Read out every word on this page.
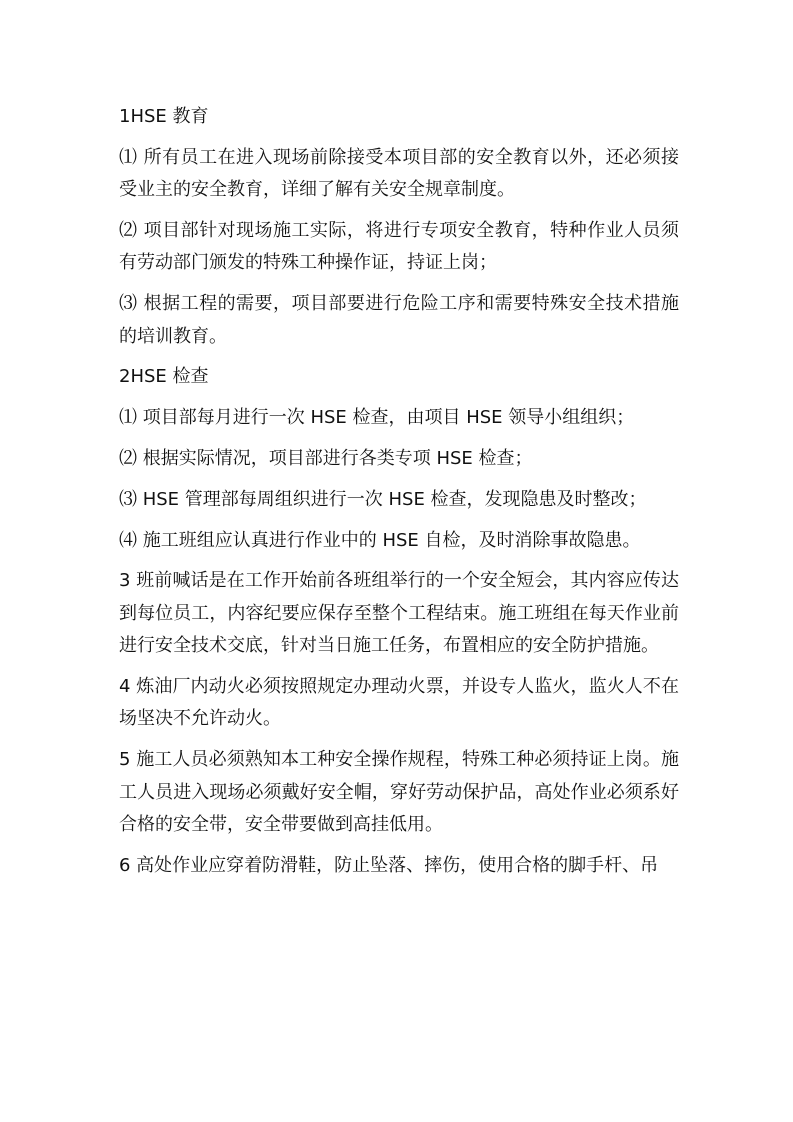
1HSE 教育

⑴ 所有员工在进入现场前除接受本项目部的安全教育以外，还必须接受业主的安全教育，详细了解有关安全规章制度。

⑵ 项目部针对现场施工实际，将进行专项安全教育，特种作业人员须有劳动部门颁发的特殊工种操作证，持证上岗；

⑶ 根据工程的需要，项目部要进行危险工序和需要特殊安全技术措施的培训教育。

2HSE 检查

⑴ 项目部每月进行一次 HSE 检查，由项目 HSE 领导小组组织；

⑵ 根据实际情况，项目部进行各类专项 HSE 检查；

⑶ HSE 管理部每周组织进行一次 HSE 检查，发现隐患及时整改；

⑷ 施工班组应认真进行作业中的 HSE 自检，及时消除事故隐患。

3 班前喊话是在工作开始前各班组举行的一个安全短会，其内容应传达到每位员工，内容纪要应保存至整个工程结束。施工班组在每天作业前进行安全技术交底，针对当日施工任务，布置相应的安全防护措施。

4 炼油厂内动火必须按照规定办理动火票，并设专人监火，监火人不在场坚决不允许动火。

5 施工人员必须熟知本工种安全操作规程，特殊工种必须持证上岗。施工人员进入现场必须戴好安全帽，穿好劳动保护品，高处作业必须系好合格的安全带，安全带要做到高挂低用。

6 高处作业应穿着防滑鞋，防止坠落、摔伤，使用合格的脚手杆、吊
